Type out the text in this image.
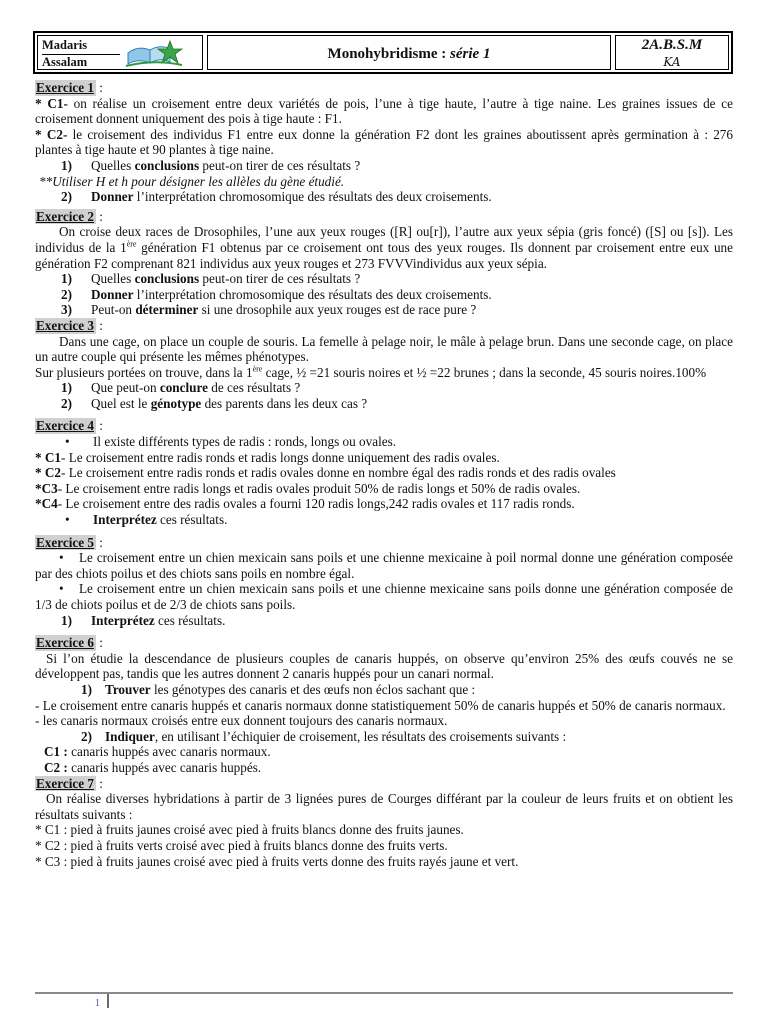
Madaris

Assalam	Monohybridisme : série 1
2A.B.S.M
KA

Exercice 1 :

* C1- on réalise un croisement entre deux variétés de pois, l’une à tige haute, l’autre à tige naine. Les graines issues de ce croisement donnent uniquement des pois à tige haute : F1.

* C2- le croisement des individus F1 entre eux donne la génération F2 dont les graines aboutissent après germination à : 276 plantes à tige haute et 90 plantes à tige naine.

1) Quelles conclusions peut-on tirer de ces résultats ?

**Utiliser H et h pour désigner les allèles du gène étudié.

2) Donner l’interprétation chromosomique des résultats des deux croisements.

Exercice 2 :

On croise deux races de Drosophiles, l’une aux yeux rouges ([R] ou[r]), l’autre aux yeux sépia (gris foncé) ([S] ou [s]). Les individus de la 1ère génération F1 obtenus par ce croisement ont tous des yeux rouges. Ils donnent par croisement entre eux une génération F2 comprenant 821 individus aux yeux rouges et 273 FVVVindividus aux yeux sépia.

1) Quelles conclusions peut-on tirer de ces résultats ?

2) Donner l’interprétation chromosomique des résultats des deux croisements.

3) Peut-on déterminer si une drosophile aux yeux rouges est de race pure ?

Exercice 3 :

Dans une cage, on place un couple de souris. La femelle à pelage noir, le mâle à pelage brun. Dans une seconde cage, on place un autre couple qui présente les mêmes phénotypes.

Sur plusieurs portées on trouve, dans la 1ère cage, ½ =21 souris noires et ½ =22 brunes ; dans la seconde, 45 souris noires.100%

1) Que peut-on conclure de ces résultats ?

2) Quel est le génotype des parents dans les deux cas ?

Exercice 4 :

• Il existe différents types de radis : ronds, longs ou ovales.

* C1- Le croisement entre radis ronds et radis longs donne uniquement des radis ovales.

* C2- Le croisement entre radis ronds et radis ovales donne en nombre égal des radis ronds et des radis ovales

*C3- Le croisement entre radis longs et radis ovales produit 50% de radis longs et 50% de radis ovales.

*C4- Le croisement entre des radis ovales a fourni 120 radis longs,242 radis ovales et 117 radis ronds.

• Interprétez ces résultats.

Exercice 5 :

• Le croisement entre un chien mexicain sans poils et une chienne mexicaine à poil normal donne une génération composée par des chiots poilus et des chiots sans poils en nombre égal.

• Le croisement entre un chien mexicain sans poils et une chienne mexicaine sans poils donne une génération composée de 1/3 de chiots poilus et de 2/3 de chiots sans poils.

1) Interprétez ces résultats.

Exercice 6 :

Si l’on étudie la descendance de plusieurs couples de canaris huppés, on observe qu’environ 25% des œufs couvés ne se développent pas, tandis que les autres donnent 2 canaris huppés pour un canari normal.

1) Trouver les génotypes des canaris et des œufs non éclos sachant que :

- Le croisement entre canaris huppés et canaris normaux donne statistiquement 50% de canaris huppés et 50% de canaris normaux.

- les canaris normaux croisés entre eux donnent toujours des canaris normaux.

2) Indiquer, en utilisant l’échiquier de croisement, les résultats des croisements suivants :

C1 : canaris huppés avec canaris normaux.

C2 : canaris huppés avec canaris huppés.

Exercice 7 :

On réalise diverses hybridations à partir de 3 lignées pures de Courges différant par la couleur de leurs fruits et on obtient les résultats suivants :

* C1 : pied à fruits jaunes croisé avec pied à fruits blancs donne des fruits jaunes.

* C2 : pied à fruits verts croisé avec pied à fruits blancs donne des fruits verts.

* C3 : pied à fruits jaunes croisé avec pied à fruits verts donne des fruits rayés jaune et vert.

1
